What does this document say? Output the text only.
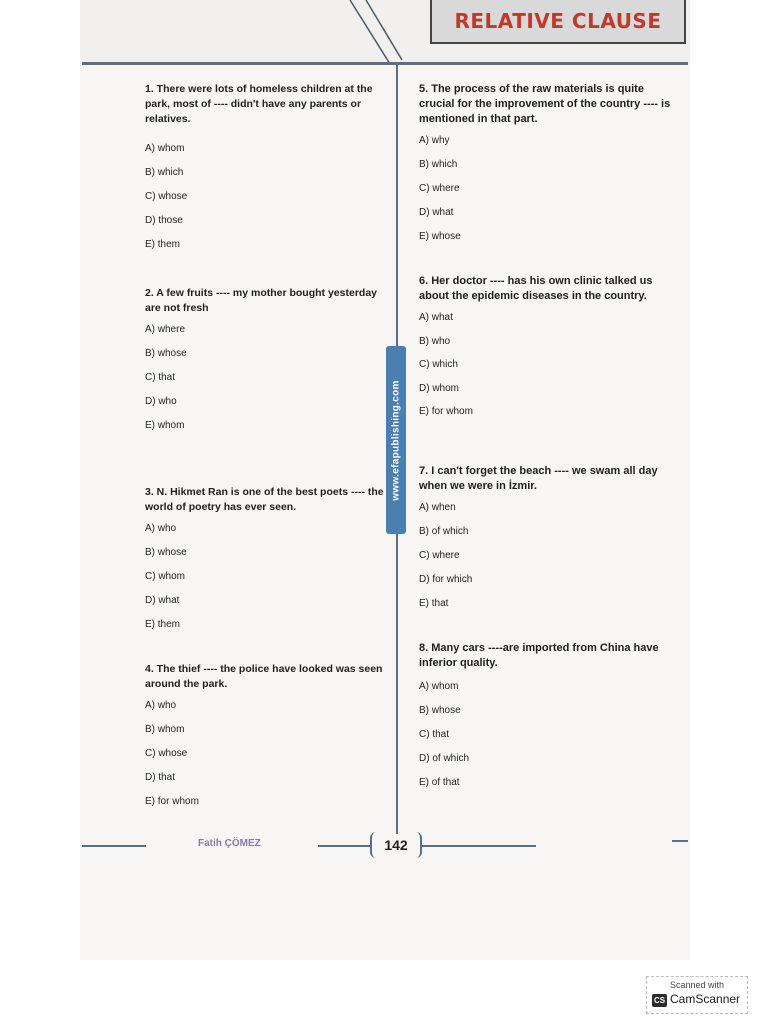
RELATIVE CLAUSE
www.efapublishing.com

1. There were lots of homeless children at the park, most of ---- didn't have any parents or relatives.

A) whom
B) which
C) whose
D) those
E) them

2. A few fruits ---- my mother bought yesterday are not fresh

A) where
B) whose
C) that
D) who
E) whom

3. N. Hikmet Ran is one of the best poets ---- the world of poetry has ever seen.

A) who
B) whose
C) whom
D) what
E) them

4. The thief ---- the police have looked was seen around the park.

A) who
B) whom
C) whose
D) that
E) for whom

5. The process of the raw materials is quite crucial for the improvement of the country ---- is mentioned in that part.

A) why
B) which
C) where
D) what
E) whose

6. Her doctor ---- has his own clinic talked us about the epidemic diseases in the country.

A) what
B) who
C) which
D) whom
E) for whom

7. I can't forget the beach ---- we swam all day when we were in İzmir.

A) when
B) of which
C) where
D) for which
E) that

8. Many cars ----are imported from China have inferior quality.

A) whom
B) whose
C) that
D) of which
E) of that
Fatih ÇÖMEZ	142
Scanned with
CS CamScanner
